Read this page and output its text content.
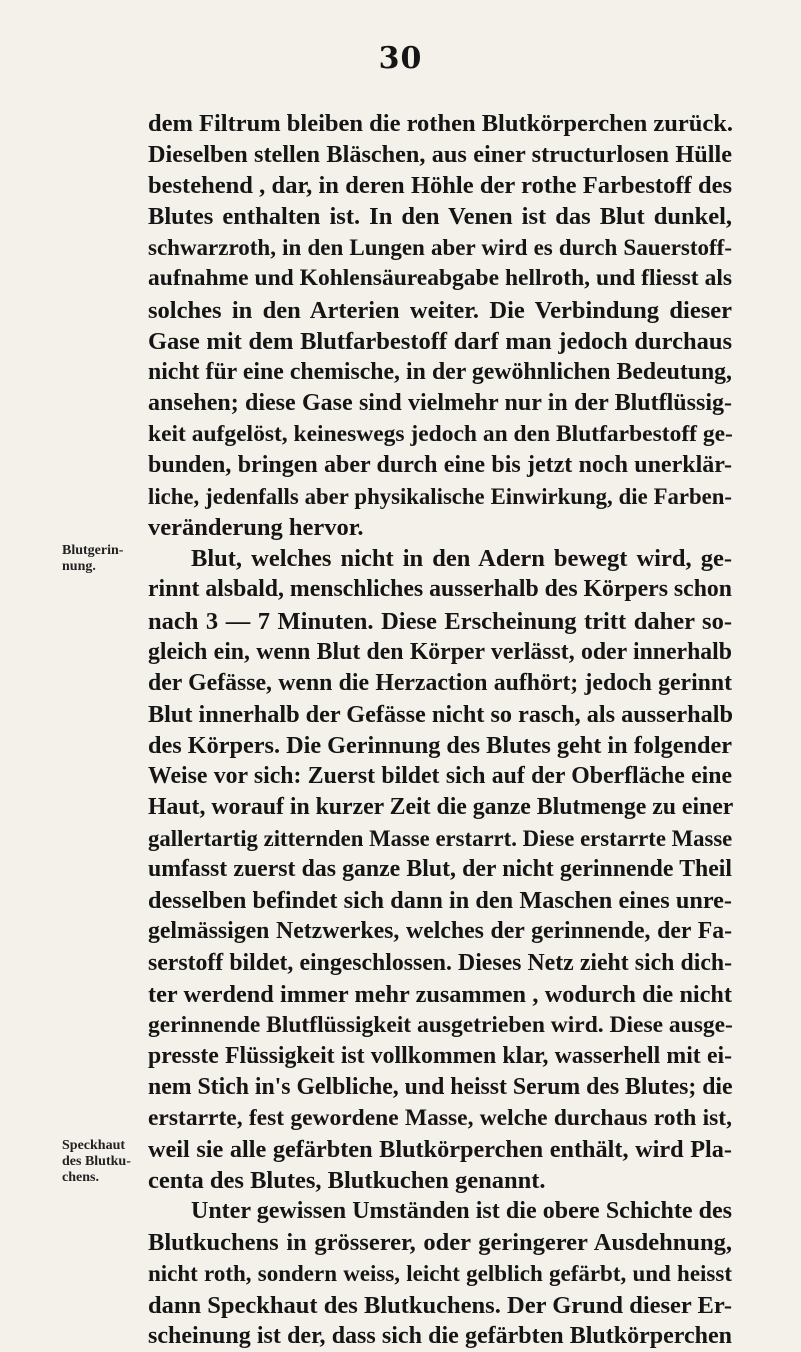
30
Blutgerin-
nung.
Speckhaut
des Blutku-
chens.
dem Filtrum bleiben die rothen Blutkörperchen zurück.
Dieselben stellen Bläschen, aus einer structurlosen Hülle
bestehend , dar, in deren Höhle der rothe Farbestoff des
Blutes enthalten ist. In den Venen ist das Blut dunkel,
schwarzroth, in den Lungen aber wird es durch Sauerstoff-
aufnahme und Kohlensäureabgabe hellroth, und fliesst als
solches in den Arterien weiter. Die Verbindung dieser
Gase mit dem Blutfarbestoff darf man jedoch durchaus
nicht für eine chemische, in der gewöhnlichen Bedeutung,
ansehen; diese Gase sind vielmehr nur in der Blutflüssig-
keit aufgelöst, keineswegs jedoch an den Blutfarbestoff ge-
bunden, bringen aber durch eine bis jetzt noch unerklär-
liche, jedenfalls aber physikalische Einwirkung, die Farben-
veränderung hervor.
Blut, welches nicht in den Adern bewegt wird, ge-
rinnt alsbald, menschliches ausserhalb des Körpers schon
nach 3 — 7 Minuten. Diese Erscheinung tritt daher so-
gleich ein, wenn Blut den Körper verlässt, oder innerhalb
der Gefässe, wenn die Herzaction aufhört; jedoch gerinnt
Blut innerhalb der Gefässe nicht so rasch, als ausserhalb
des Körpers. Die Gerinnung des Blutes geht in folgender
Weise vor sich: Zuerst bildet sich auf der Oberfläche eine
Haut, worauf in kurzer Zeit die ganze Blutmenge zu einer
gallertartig zitternden Masse erstarrt. Diese erstarrte Masse
umfasst zuerst das ganze Blut, der nicht gerinnende Theil
desselben befindet sich dann in den Maschen eines unre-
gelmässigen Netzwerkes, welches der gerinnende, der Fa-
serstoff bildet, eingeschlossen. Dieses Netz zieht sich dich-
ter werdend immer mehr zusammen , wodurch die nicht
gerinnende Blutflüssigkeit ausgetrieben wird. Diese ausge-
presste Flüssigkeit ist vollkommen klar, wasserhell mit ei-
nem Stich in's Gelbliche, und heisst Serum des Blutes; die
erstarrte, fest gewordene Masse, welche durchaus roth ist,
weil sie alle gefärbten Blutkörperchen enthält, wird Pla-
centa des Blutes, Blutkuchen genannt.
Unter gewissen Umständen ist die obere Schichte des
Blutkuchens in grösserer, oder geringerer Ausdehnung,
nicht roth, sondern weiss, leicht gelblich gefärbt, und heisst
dann Speckhaut des Blutkuchens. Der Grund dieser Er-
scheinung ist der, dass sich die gefärbten Blutkörperchen
